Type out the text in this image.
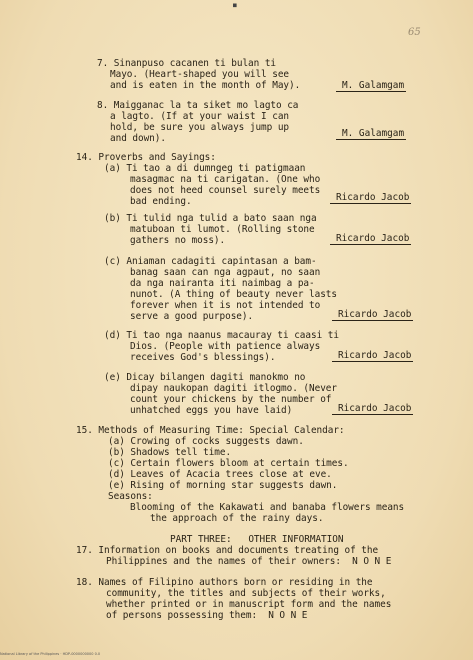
■
65
7. Sinanpuso cacanen ti bulan ti
Mayo. (Heart-shaped you will see
and is eaten in the month of May).	M. Galamgam
8. Maigganac la ta siket mo lagto ca
a lagto. (If at your waist I can
hold, be sure you always jump up
and down).	M. Galamgam
14. Proverbs and Sayings:
(a) Ti tao a di dumngeg ti patigmaan
masagmac na ti carigatan. (One who
does not heed counsel surely meets
bad ending.	Ricardo Jacob
(b) Ti tulid nga tulid a bato saan nga
matuboan ti lumot. (Rolling stone
gathers no moss).	Ricardo Jacob
(c) Aniaman cadagiti capintasan a bam-
banag saan can nga agpaut, no saan
da nga nairanta iti naimbag a pa-
nunot. (A thing of beauty never lasts
forever when it is not intended to
serve a good purpose).	Ricardo Jacob
(d) Ti tao nga naanus macauray ti caasi ti
Dios. (People with patience always
receives God's blessings).	Ricardo Jacob
(e) Dicay bilangen dagiti manokmo no
dipay naukopan dagiti itlogmo. (Never
count your chickens by the number of
unhatched eggs you have laid)	Ricardo Jacob
15. Methods of Measuring Time: Special Calendar:
(a) Crowing of cocks suggests dawn.
(b) Shadows tell time.
(c) Certain flowers bloom at certain times.
(d) Leaves of Acacia trees close at eve.
(e) Rising of morning star suggests dawn.
Seasons:
Blooming of the Kakawati and banaba flowers means
the approach of the rainy days.
PART THREE:   OTHER INFORMATION
17. Information on books and documents treating of the
Philippines and the names of their owners:  N O N E
18. Names of Filipino authors born or residing in the
community, the titles and subjects of their works,
whether printed or in manuscript form and the names
of persons possessing them:  N O N E
National Library of the Philippines · HDP-0000000000 0.0
